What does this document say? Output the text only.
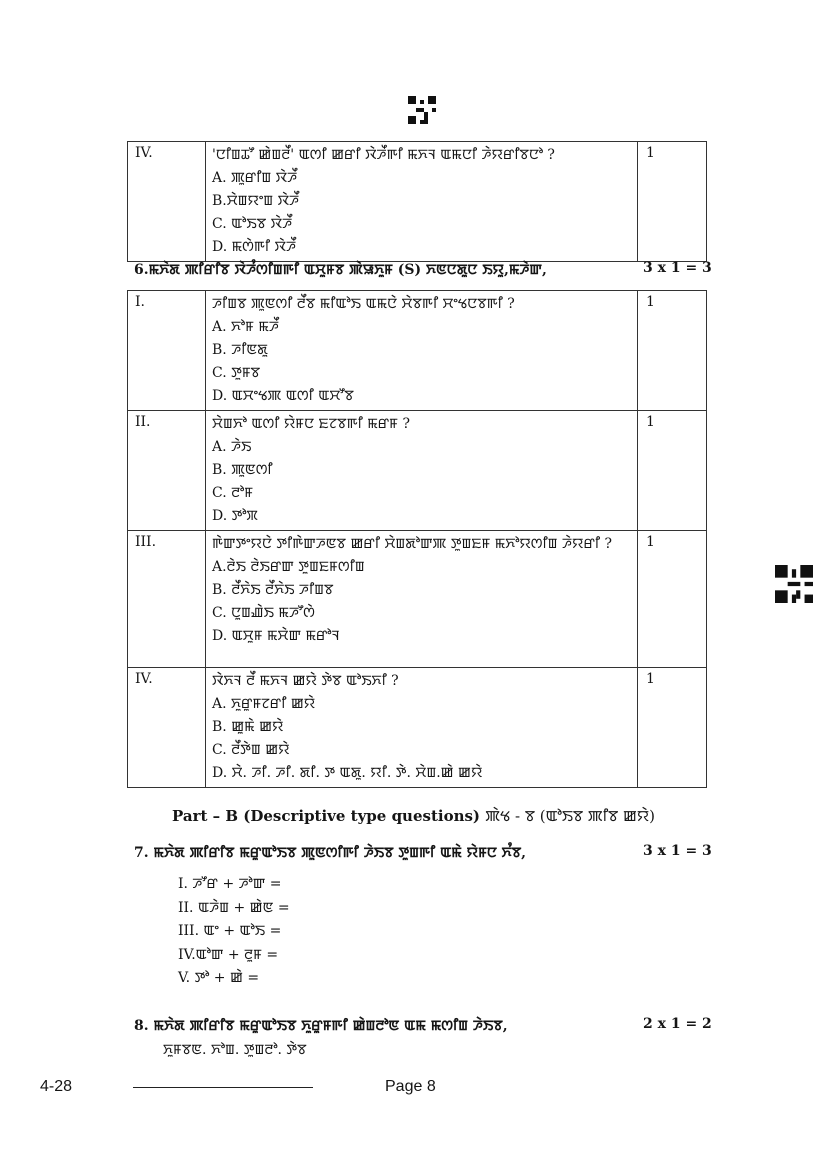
IV.	'ꯅꯤꯡꯊꯧ ꯀꯥꯡꯂꯩ' ꯑꯁꯤ ꯀꯔꯤ ꯋꯥꯍꯩꯒꯤ ꯃꯈꯜ ꯑꯃꯅꯤ ꯍꯥꯌꯔꯤꯕꯅꯣ ?
A. ꯄꯨꯔꯤꯡ ꯋꯥꯍꯩ
B.ꯆꯥꯡꯌꯦꯡ ꯋꯥꯍꯩ
C. ꯑꯣꯏꯕ ꯋꯥꯍꯩ
D. ꯃꯁꯥꯒꯤ ꯋꯥꯍꯩ
	1
6.ꯃꯈꯥꯗ ꯄꯤꯔꯤꯕ ꯋꯥꯍꯪꯁꯤꯡꯒꯤ ꯑꯆꯨꯝꯕ ꯄꯥꯎꯈꯨꯝ (S) ꯈꯟꯅꯗꯨꯅ ꯏꯌꯨ,ꯃꯍꯥꯛ,	3 x 1 = 3
I.	ꯍꯤꯡꯕ ꯄꯨꯟꯁꯤ ꯂꯩꯕ ꯃꯤꯑꯣꯏ ꯑꯃꯅꯥ ꯆꯥꯕꯒꯤ ꯆꯦꯠꯅꯕꯒꯤ ?
A. ꯈꯣꯝ ꯃꯍꯩ
B. ꯍꯤꯟꯗꯨ
C. ꯇꯨꯝꯕ
D. ꯑꯆꯦꯠꯄ ꯑꯁꯤ ꯑꯆꯧꯕ	1
II.	ꯆꯥꯡꯈꯣ ꯑꯁꯤ ꯌꯥꯝꯅ ꯐꯖꯕꯒꯤ ꯃꯔꯝ ?
A. ꯍꯥꯏ
B. ꯄꯨꯟꯁꯤ
C. ꯂꯣꯝ
D. ꯇꯣꯞ	1
III.	ꯒꯥꯛꯇꯦꯌꯅꯥ ꯇꯤꯒꯥꯛꯍꯟꯕ ꯀꯔꯤ ꯆꯥꯡꯗꯣꯛꯄ ꯇꯨꯡꯐꯝ ꯃꯈꯣꯌꯁꯤꯡ ꯍꯥꯌꯔꯤ ?
A.ꯂꯥꯏ ꯂꯥꯏꯔꯛ ꯇꯨꯡꯐꯝꯁꯤꯡ
B. ꯂꯩꯈꯥꯏ ꯂꯩꯈꯥꯏ ꯍꯤꯡꯕ
C. ꯅꯨꯡꯉꯥꯏ ꯃꯍꯧꯁꯥ
D. ꯑꯆꯨꯝ ꯃꯆꯥꯛ ꯃꯔꯣꯜ	1
IV.	ꯋꯥꯈꯜ ꯂꯩ ꯃꯈꯜ ꯀꯌꯥ ꯇꯥꯕ ꯑꯣꯏꯈꯤ ?
A. ꯈꯨꯔꯨꯝꯖꯔꯤ ꯀꯌꯥ
B. ꯀꯨꯃꯥ ꯀꯌꯥ
C. ꯂꯩꯇꯥꯡ ꯀꯌꯥ
D. ꯆꯥ. ꯍꯤ. ꯍꯤ. ꯗꯤ. ꯇ ꯑꯗꯨ. ꯌꯤ. ꯇꯥ. ꯆꯥꯡ.ꯀꯥ ꯀꯌꯥ	1
Part – B (Descriptive type questions) ꯄꯥꯠ - ꯕ (ꯑꯣꯏꯕ ꯄꯤꯕ ꯀꯌꯥ)
7. ꯃꯈꯥꯗ ꯄꯤꯔꯤꯕ ꯃꯔꯨꯑꯣꯏꯕ ꯄꯨꯟꯁꯤꯒꯤ ꯍꯥꯏꯕ ꯇꯨꯡꯒꯤ ꯑꯃꯥ ꯌꯥꯝꯅ ꯈꯪꯕ,	3 x 1 = 3
I. ꯍꯧꯔ + ꯍꯣꯛ =
II. ꯑꯍꯥꯡ + ꯀꯥꯟ =
III. ꯑꯦ + ꯑꯣꯏ =
IV.ꯑꯣꯛ + ꯂꯨꯝ =
V. ꯇꯣ + ꯀꯥ =
8. ꯃꯈꯥꯗ ꯄꯤꯔꯤꯕ ꯃꯔꯨꯑꯣꯏꯕ ꯈꯨꯔꯨꯝꯒꯤ ꯀꯥꯡꯂꯣꯟ ꯑꯃ ꯃꯁꯤꯡ ꯍꯥꯏꯕ,	2 x 1 = 2
ꯈꯨꯝꯕꯟ. ꯈꯣꯡ. ꯇꯨꯡꯂꯣ. ꯇꯥꯕ
4-28	Page 8
